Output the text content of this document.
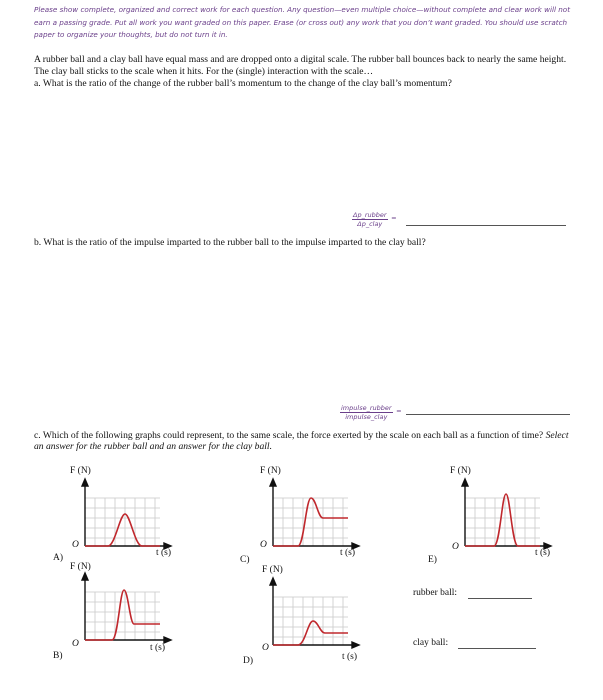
Please show complete, organized and correct work for each question. Any question—even multiple choice—without complete and clear work will not earn a passing grade. Put all work you want graded on this paper. Erase (or cross out) any work that you don’t want graded. You should use scratch paper to organize your thoughts, but do not turn it in.

A rubber ball and a clay ball have equal mass and are dropped onto a digital scale. The rubber ball bounces back to nearly the same height. The clay ball sticks to the scale when it hits. For the (single) interaction with the scale…

a. What is the ratio of the change of the rubber ball’s momentum to the change of the clay ball’s momentum?
Δp_rubber
Δp_clay
=
b. What is the ratio of the impulse imparted to the rubber ball to the impulse imparted to the clay ball?
impulse_rubber
impulse_clay
=
c. Which of the following graphs could represent, to the same scale, the force exerted by the scale on each ball as a function of time? Select an answer for the rubber ball and an answer for the clay ball.
F (N)
O
t (s)
A)
F (N)
O	t (s)
B)
F (N)
O
t (s)
C)
F (N)
O
t (s)
D)
F (N)
O
t (s)
E)
rubber ball:
clay ball:
